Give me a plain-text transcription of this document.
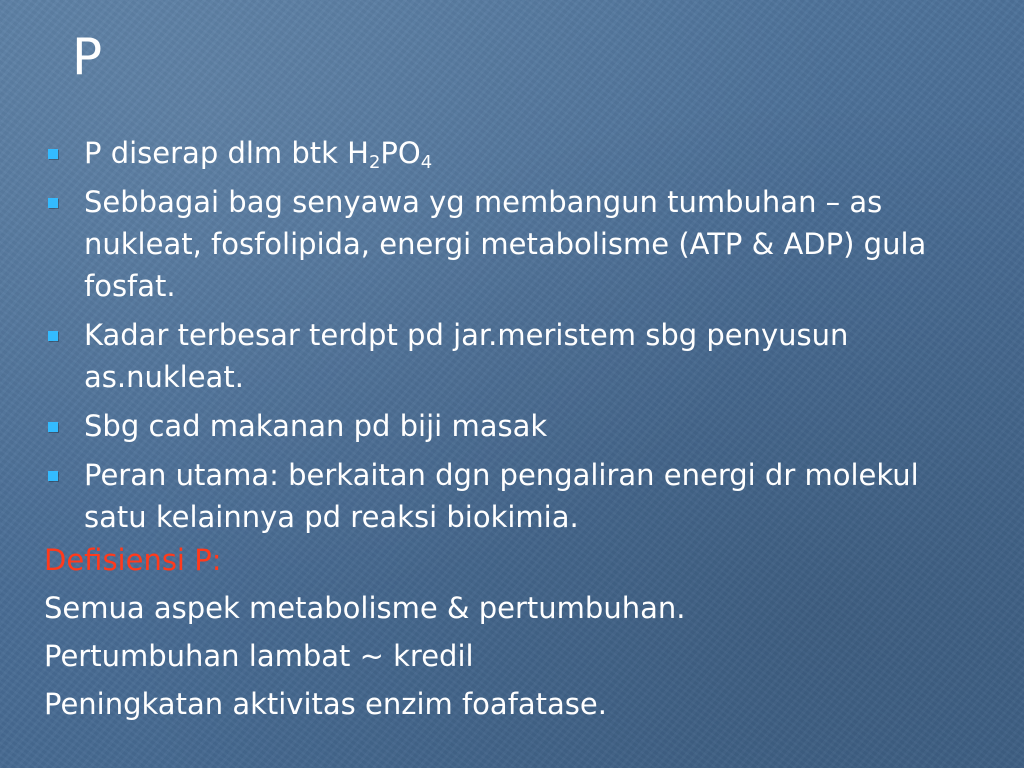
P
P diserap dlm btk $H_2PO_4$
Sebbagai bag senyawa yg membangun tumbuhan – as nukleat, fosfolipida, energi metabolisme (ATP & ADP) gula fosfat.
Kadar terbesar terdpt pd jar.meristem sbg penyusun as.nukleat.
Sbg cad makanan pd biji masak
Peran utama: berkaitan dgn pengaliran energi dr molekul satu kelainnya pd reaksi biokimia.
Defisiensi P:
Semua aspek metabolisme & pertumbuhan.
Pertumbuhan lambat ~ kredil
Peningkatan aktivitas enzim foafatase.
